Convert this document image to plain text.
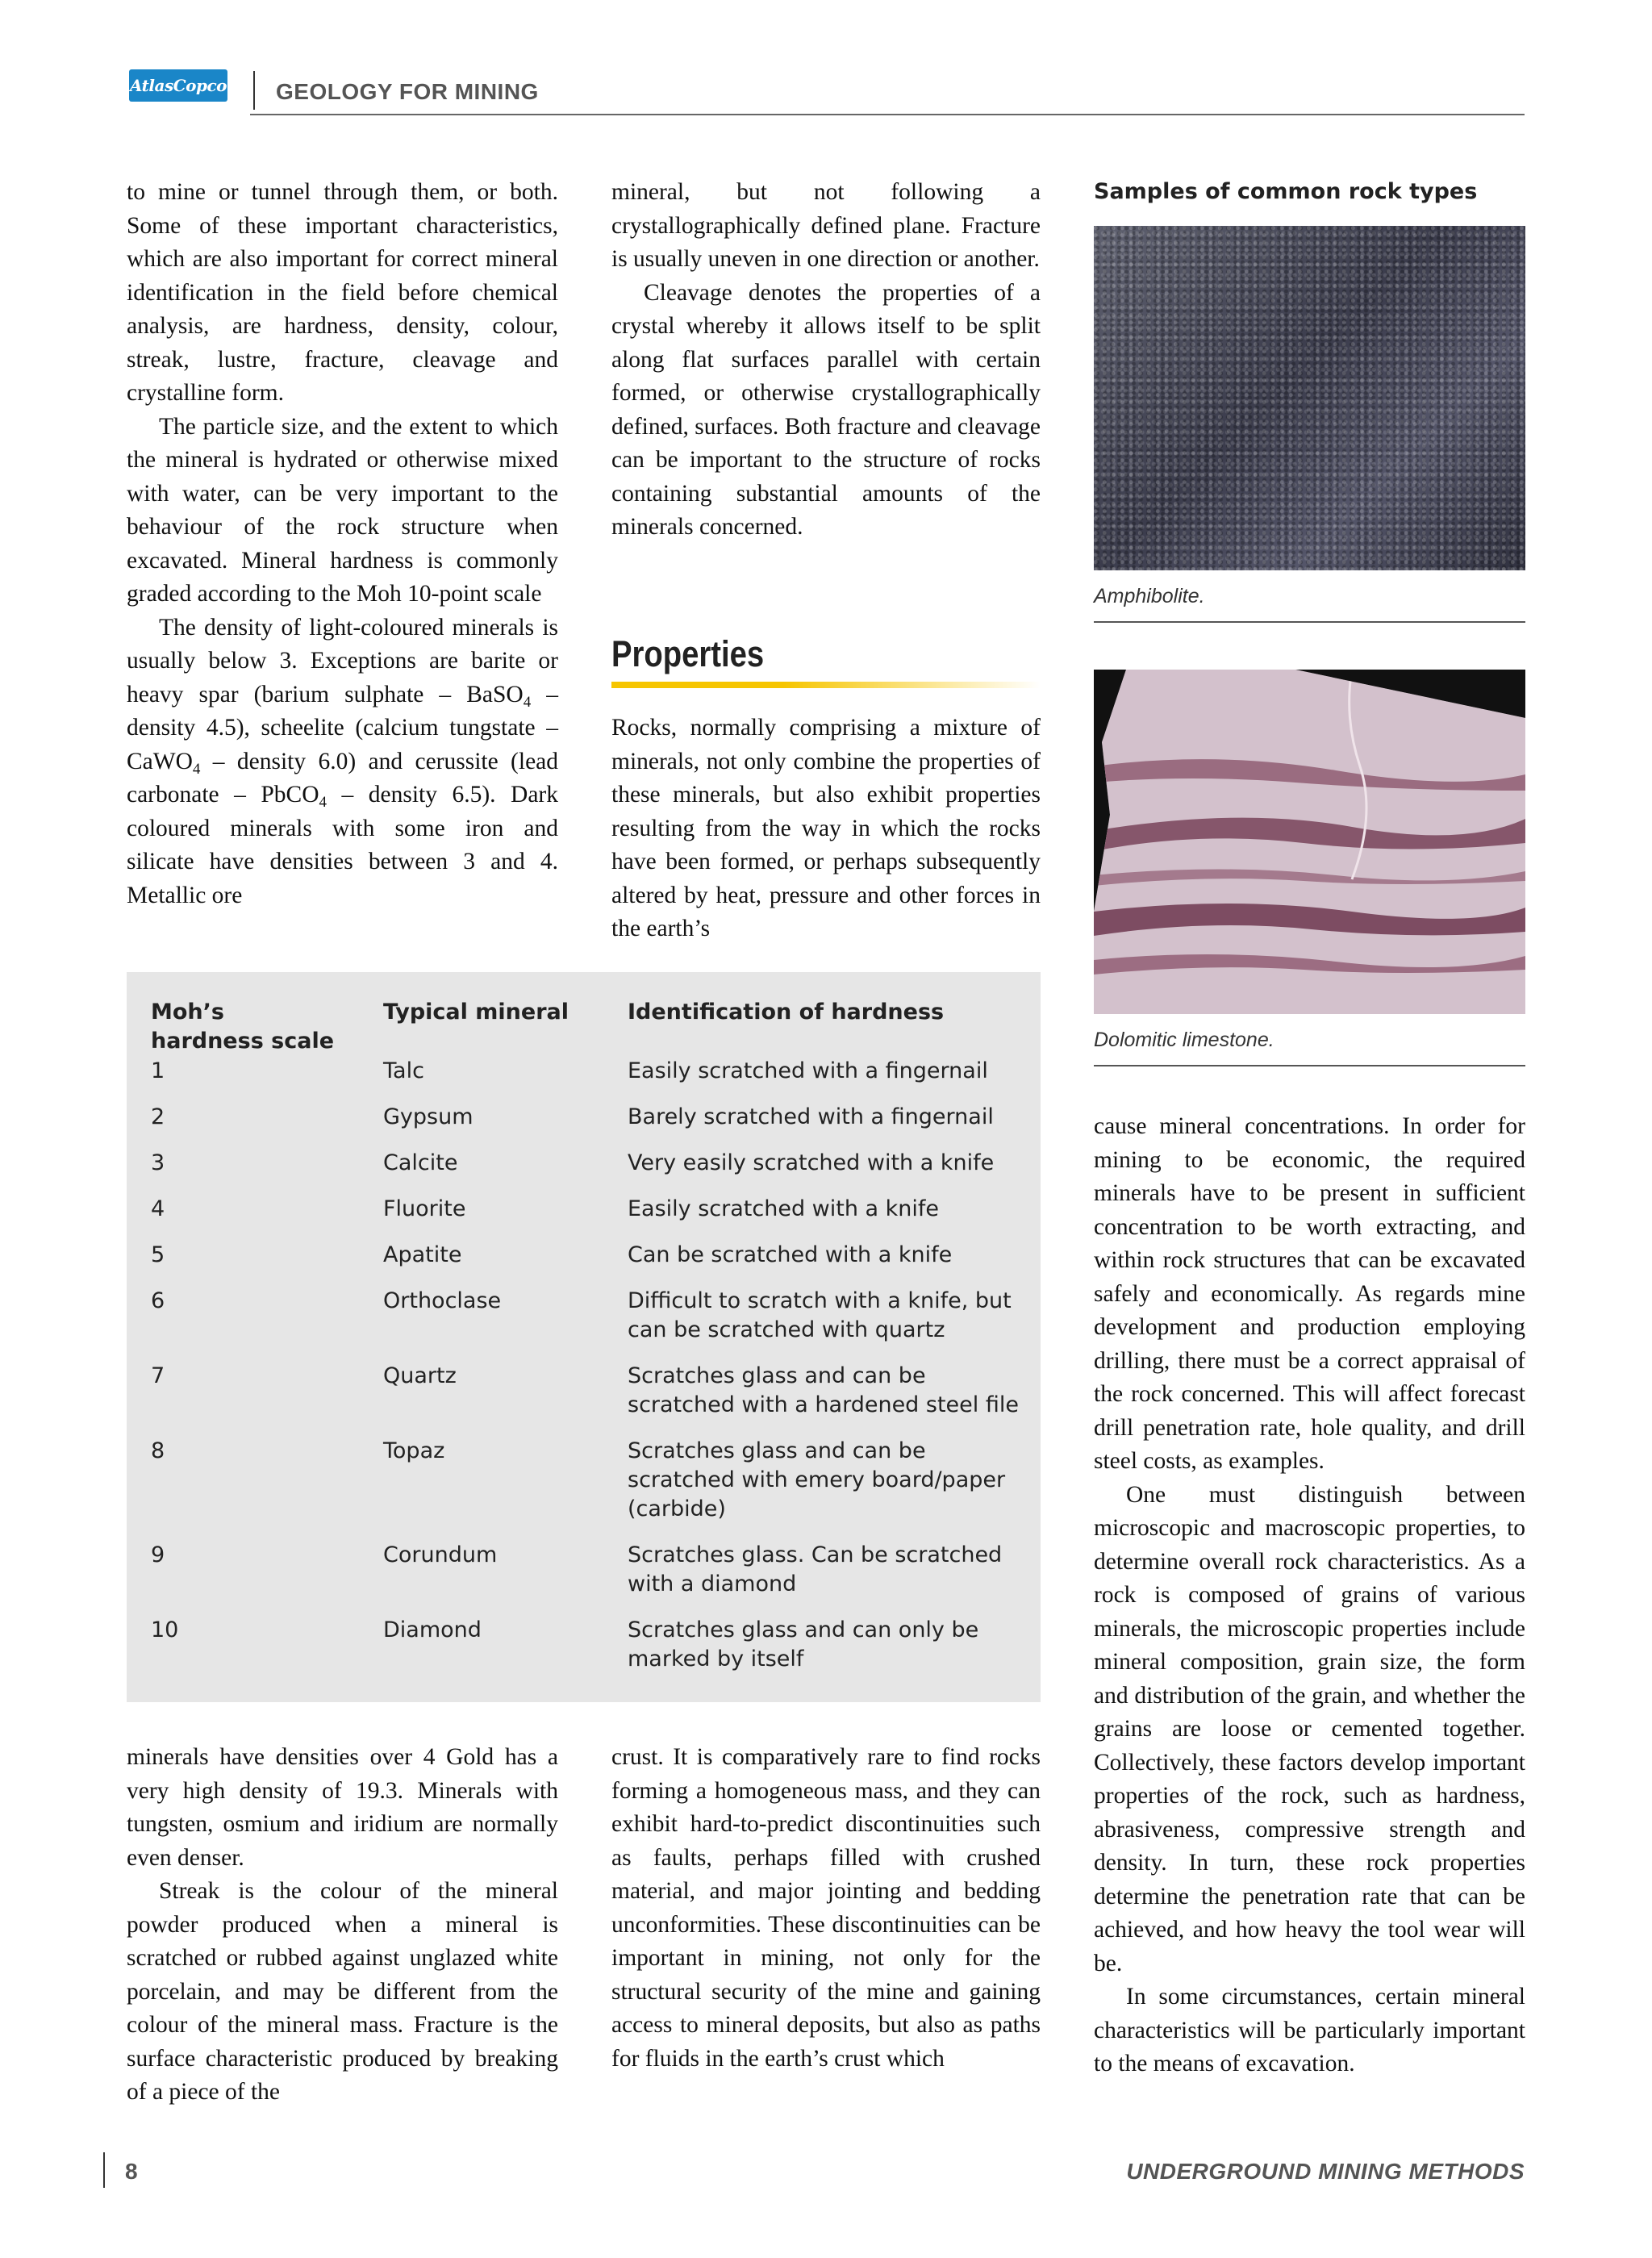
AtlasCopco GEOLOGY FOR MINING

to mine or tunnel through them, or both. Some of these important characteristics, which are also important for correct mineral identification in the field before chemical analysis, are hardness, density, colour, streak, lustre, fracture, cleavage and crystalline form.

The particle size, and the extent to which the mineral is hydrated or otherwise mixed with water, can be very important to the behaviour of the rock structure when excavated. Mineral hardness is commonly graded according to the Moh 10-point scale

The density of light-coloured minerals is usually below 3. Exceptions are barite or heavy spar (barium sulphate – BaSO$_4$ – density 4.5), scheelite (calcium tungstate – CaWO$_4$ – density 6.0) and cerussite (lead carbonate – PbCO$_4$ – density 6.5). Dark coloured minerals with some iron and silicate have densities between 3 and 4. Metallic ore

mineral, but not following a crystallographically defined plane. Fracture is usually uneven in one direction or another.

Cleavage denotes the properties of a crystal whereby it allows itself to be split along flat surfaces parallel with certain formed, or otherwise crystallographically defined, surfaces. Both fracture and cleavage can be important to the structure of rocks containing substantial amounts of the minerals concerned.

Properties

Rocks, normally comprising a mixture of minerals, not only combine the properties of these minerals, but also exhibit properties resulting from the way in which the rocks have been formed, or perhaps subsequently altered by heat, pressure and other forces in the earth’s

Samples of common rock types
Amphibolite.
Dolomitic limestone.
Moh’s hardness scale
Typical mineral	Identification of hardness
1	Talc	Easily scratched with a fingernail
2	Gypsum	Barely scratched with a fingernail
3	Calcite	Very easily scratched with a knife
4	Fluorite	Easily scratched with a knife
5	Apatite	Can be scratched with a knife
6	Orthoclase	Difficult to scratch with a knife, but can be scratched with quartz
7	Quartz	Scratches glass and can be scratched with a hardened steel file
8	Topaz	Scratches glass and can be scratched with emery board/paper (carbide)
9	Corundum	Scratches glass. Can be scratched with a diamond
10	Diamond	Scratches glass and can only be marked by itself

minerals have densities over 4 Gold has a very high density of 19.3. Minerals with tungsten, osmium and iridium are normally even denser.

Streak is the colour of the mineral powder produced when a mineral is scratched or rubbed against unglazed white porcelain, and may be different from the colour of the mineral mass. Fracture is the surface characteristic produced by breaking of a piece of the

crust. It is comparatively rare to find rocks forming a homogeneous mass, and they can exhibit hard-to-predict discontinuities such as faults, perhaps filled with crushed material, and major jointing and bedding unconformities. These discontinuities can be important in mining, not only for the structural security of the mine and gaining access to mineral deposits, but also as paths for fluids in the earth’s crust which

cause mineral concentrations. In order for mining to be economic, the required minerals have to be present in sufficient concentration to be worth extracting, and within rock structures that can be excavated safely and economically. As regards mine development and production employing drilling, there must be a correct appraisal of the rock concerned. This will affect forecast drill penetration rate, hole quality, and drill steel costs, as examples.

One must distinguish between microscopic and macroscopic properties, to determine overall rock characteristics. As a rock is composed of grains of various minerals, the microscopic properties include mineral composition, grain size, the form and distribution of the grain, and whether the grains are loose or cemented together. Collectively, these factors develop important properties of the rock, such as hardness, abrasiveness, compressive strength and density. In turn, these rock properties determine the penetration rate that can be achieved, and how heavy the tool wear will be.

In some circumstances, certain mineral characteristics will be particularly important to the means of excavation.

8	UNDERGROUND MINING METHODS
